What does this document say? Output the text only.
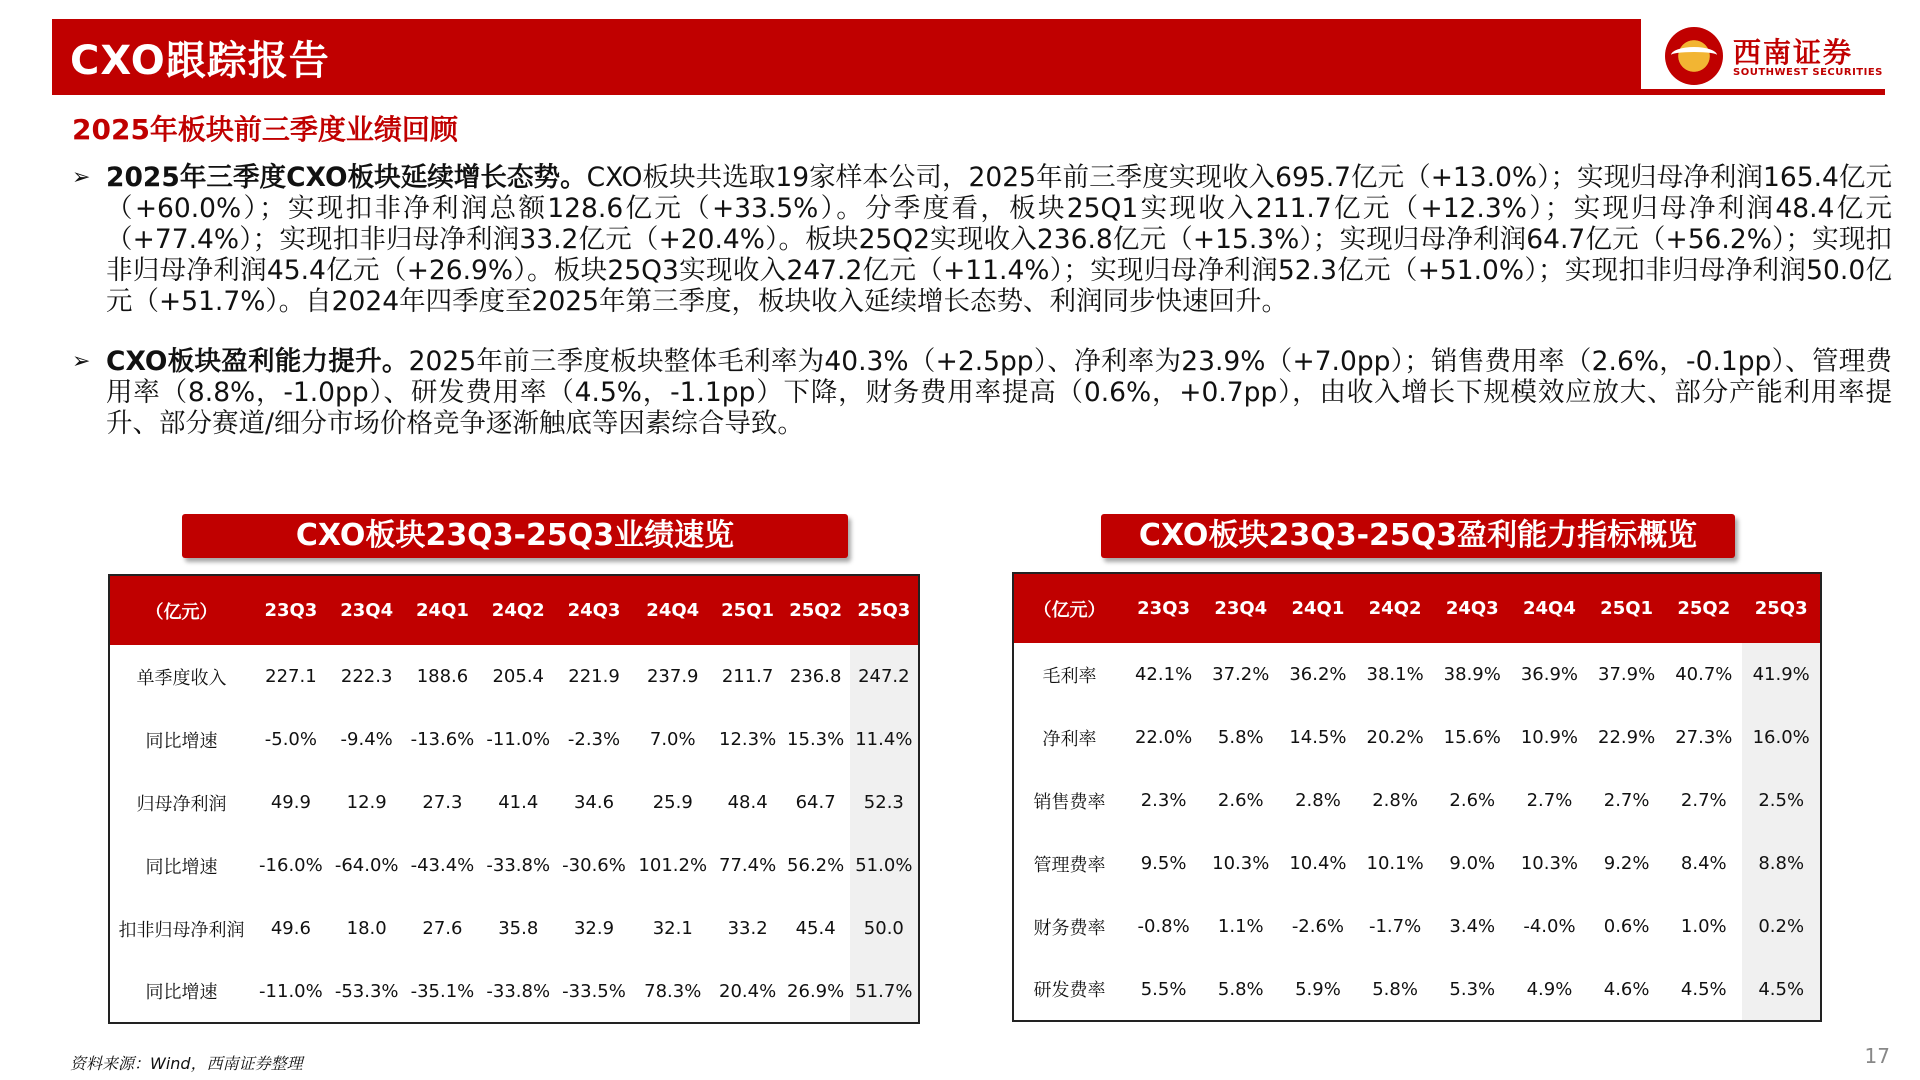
CXO跟踪报告	西南证券
SOUTHWEST SECURITIES
2025年板块前三季度业绩回顾
➢ 2025年三季度CXO板块延续增长态势。CXO板块共选取19家样本公司，2025年前三季度实现收入695.7亿元（+13.0%）；实现归母净利润165.4亿元（+60.0%）；实现扣非净利润总额128.6亿元（+33.5%）。分季度看，板块25Q1实现收入211.7亿元（+12.3%）；实现归母净利润48.4亿元（+77.4%）；实现扣非归母净利润33.2亿元（+20.4%）。板块25Q2实现收入236.8亿元（+15.3%）；实现归母净利润64.7亿元（+56.2%）；实现扣非归母净利润45.4亿元（+26.9%）。板块25Q3实现收入247.2亿元（+11.4%）；实现归母净利润52.3亿元（+51.0%）；实现扣非归母净利润50.0亿元（+51.7%）。自2024年四季度至2025年第三季度，板块收入延续增长态势、利润同步快速回升。
➢ CXO板块盈利能力提升。2025年前三季度板块整体毛利率为40.3%（+2.5pp）、净利率为23.9%（+7.0pp）；销售费用率（2.6%，-0.1pp）、管理费用率（8.8%，-1.0pp）、研发费用率（4.5%，-1.1pp）下降，财务费用率提高（0.6%，+0.7pp），由收入增长下规模效应放大、部分产能利用率提升、部分赛道/细分市场价格竞争逐渐触底等因素综合导致。
CXO板块23Q3-25Q3业绩速览	CXO板块23Q3-25Q3盈利能力指标概览
（亿元）	23Q3	23Q4	24Q1	24Q2	24Q3	24Q4	25Q1	25Q2	25Q3
单季度收入	227.1	222.3	188.6	205.4	221.9	237.9	211.7	236.8	247.2
同比增速	-5.0%	-9.4%	-13.6%	-11.0%	-2.3%	7.0%	12.3%	15.3%	11.4%
归母净利润	49.9	12.9	27.3	41.4	34.6	25.9	48.4	64.7	52.3
同比增速	-16.0%	-64.0%	-43.4%	-33.8%	-30.6%	101.2%	77.4%	56.2%	51.0%
扣非归母净利润	49.6	18.0	27.6	35.8	32.9	32.1	33.2	45.4	50.0
同比增速	-11.0%	-53.3%	-35.1%	-33.8%	-33.5%	78.3%	20.4%	26.9%	51.7%
（亿元）	23Q3	23Q4	24Q1	24Q2	24Q3	24Q4	25Q1	25Q2	25Q3
毛利率	42.1%	37.2%	36.2%	38.1%	38.9%	36.9%	37.9%	40.7%	41.9%
净利率	22.0%	5.8%	14.5%	20.2%	15.6%	10.9%	22.9%	27.3%	16.0%
销售费率	2.3%	2.6%	2.8%	2.8%	2.6%	2.7%	2.7%	2.7%	2.5%
管理费率	9.5%	10.3%	10.4%	10.1%	9.0%	10.3%	9.2%	8.4%	8.8%
财务费率	-0.8%	1.1%	-2.6%	-1.7%	3.4%	-4.0%	0.6%	1.0%	0.2%
研发费率	5.5%	5.8%	5.9%	5.8%	5.3%	4.9%	4.6%	4.5%	4.5%
资料来源：Wind，西南证券整理	17
